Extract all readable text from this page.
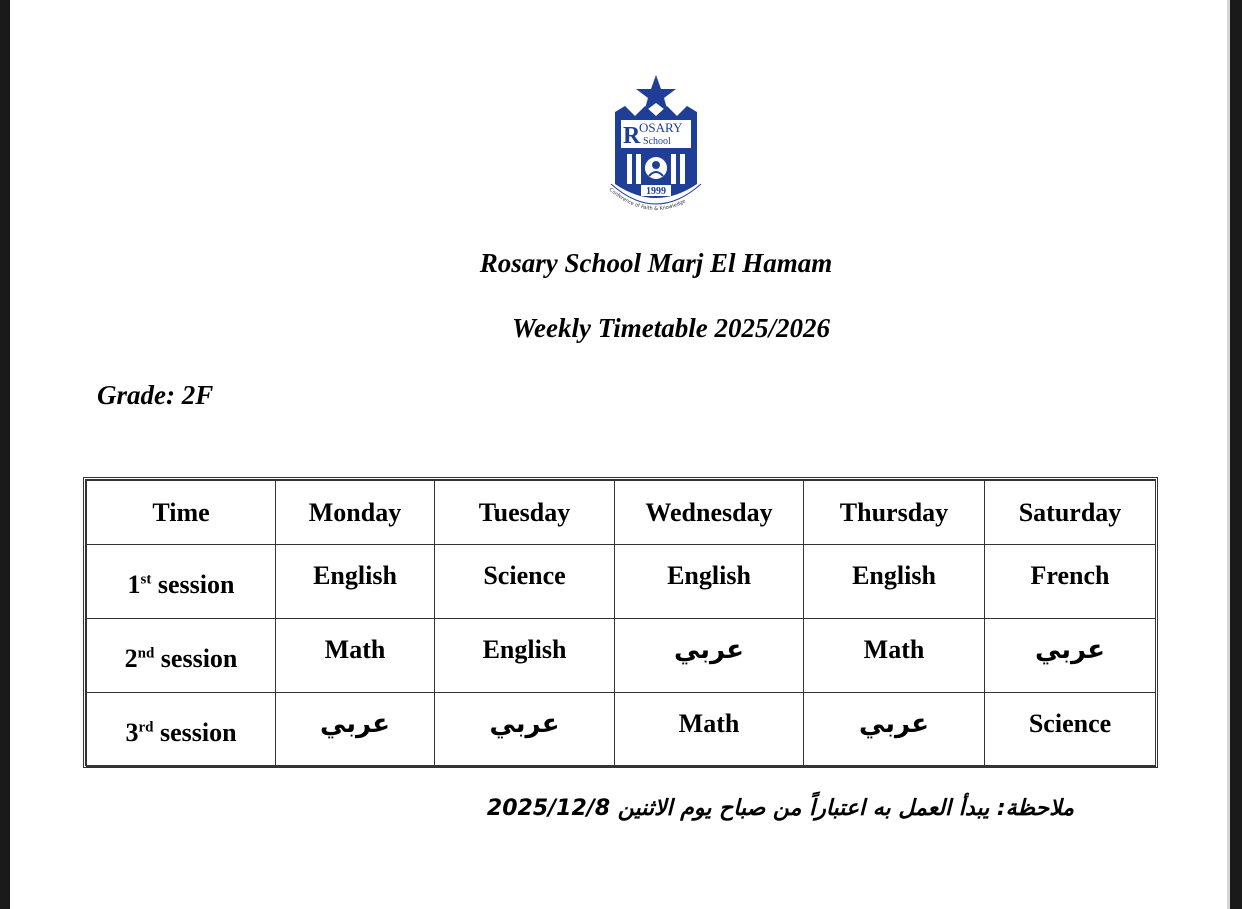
R
OSARY
School
1999
Conference of Faith & Knowledge
Rosary School Marj El Hamam
Weekly Timetable 2025/2026
Grade: 2F
Time	Monday	Tuesday	Wednesday	Thursday	Saturday
1st session	English	Science	English	English	French
2nd session	Math	English	عربي	Math	عربي
3rd session	عربي	عربي	Math	عربي	Science
ملاحظة: يبدأ العمل به اعتباراً من صباح يوم الاثنين 2025/12/8
